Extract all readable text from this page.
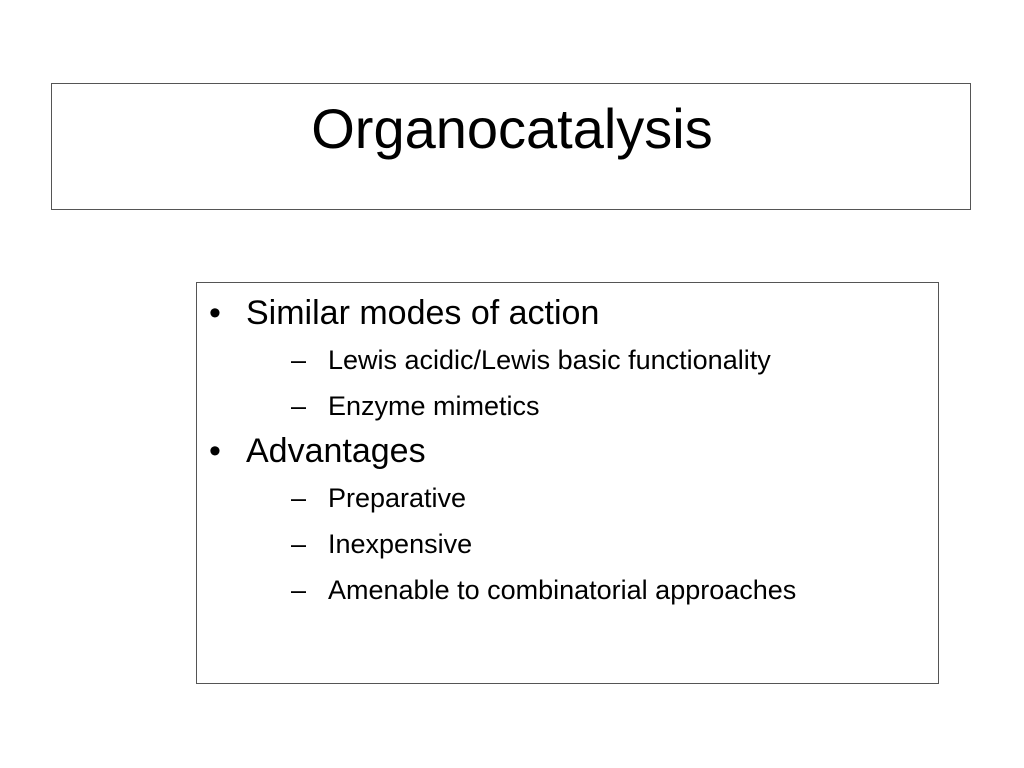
Organocatalysis
• Similar modes of action
– Lewis acidic/Lewis basic functionality
– Enzyme mimetics
• Advantages
– Preparative
– Inexpensive
– Amenable to combinatorial approaches
